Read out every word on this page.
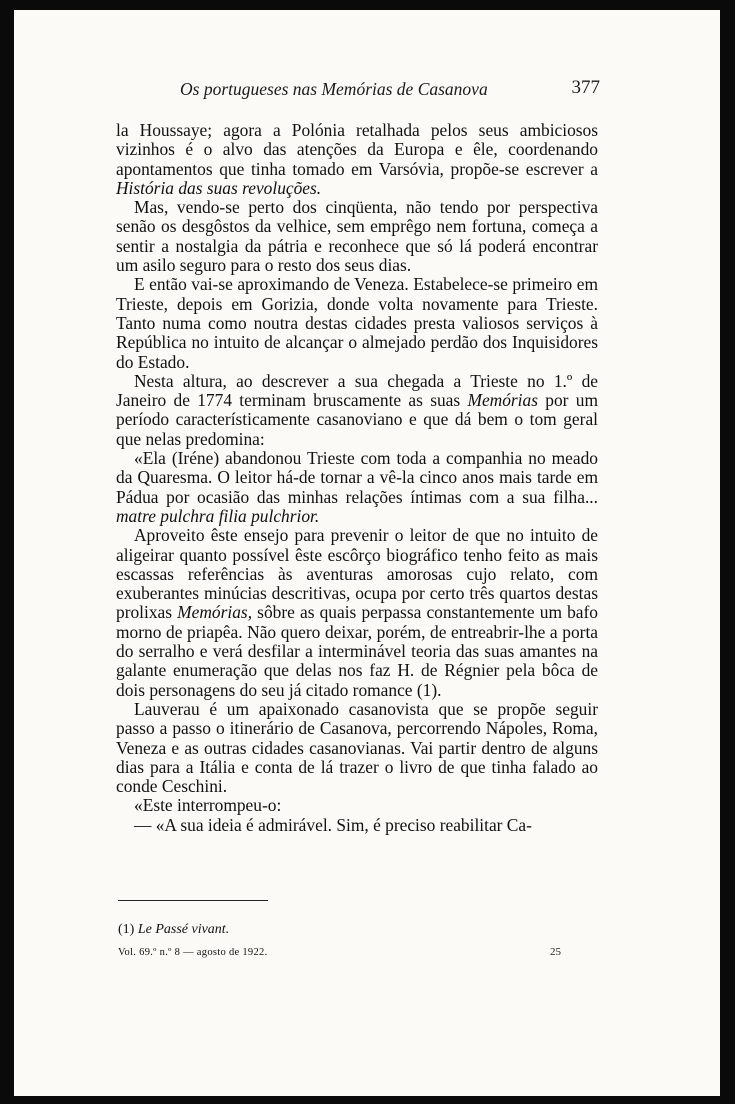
Os portugueses nas Memórias de Casanova	377

la Houssaye; agora a Polónia retalhada pelos seus ambiciosos vizinhos é o alvo das atenções da Europa e êle, coordenando apontamentos que tinha tomado em Varsóvia, propõe-se escrever a História das suas revoluções.

Mas, vendo-se perto dos cinqüenta, não tendo por perspectiva senão os desgôstos da velhice, sem emprêgo nem fortuna, começa a sentir a nostalgia da pátria e reconhece que só lá poderá encontrar um asilo seguro para o resto dos seus dias.

E então vai-se aproximando de Veneza. Estabelece-se primeiro em Trieste, depois em Gorizia, donde volta novamente para Trieste. Tanto numa como noutra destas cidades presta valiosos serviços à República no intuito de alcançar o almejado perdão dos Inquisidores do Estado.

Nesta altura, ao descrever a sua chegada a Trieste no 1.º de Janeiro de 1774 terminam bruscamente as suas Memórias por um período característicamente casanoviano e que dá bem o tom geral que nelas predomina:

«Ela (Iréne) abandonou Trieste com toda a companhia no meado da Quaresma. O leitor há-de tornar a vê-la cinco anos mais tarde em Pádua por ocasião das minhas relações íntimas com a sua filha... matre pulchra filia pulchrior.

Aproveito êste ensejo para prevenir o leitor de que no intuito de aligeirar quanto possível êste escôrço biográfico tenho feito as mais escassas referências às aventuras amorosas cujo relato, com exuberantes minúcias descritivas, ocupa por certo três quartos destas prolixas Memórias, sôbre as quais perpassa constantemente um bafo morno de priapêa. Não quero deixar, porém, de entreabrir-lhe a porta do serralho e verá desfilar a interminável teoria das suas amantes na galante enumeração que delas nos faz H. de Régnier pela bôca de dois personagens do seu já citado romance (1).

Lauverau é um apaixonado casanovista que se propõe seguir passo a passo o itinerário de Casanova, percorrendo Nápoles, Roma, Veneza e as outras cidades casanovianas. Vai partir dentro de alguns dias para a Itália e conta de lá trazer o livro de que tinha falado ao conde Ceschini.

«Este interrompeu-o:

— «A sua ideia é admirável. Sim, é preciso reabilitar Ca-

(1) Le Passé vivant.
Vol. 69.º n.º 8 — agosto de 1922.	25
